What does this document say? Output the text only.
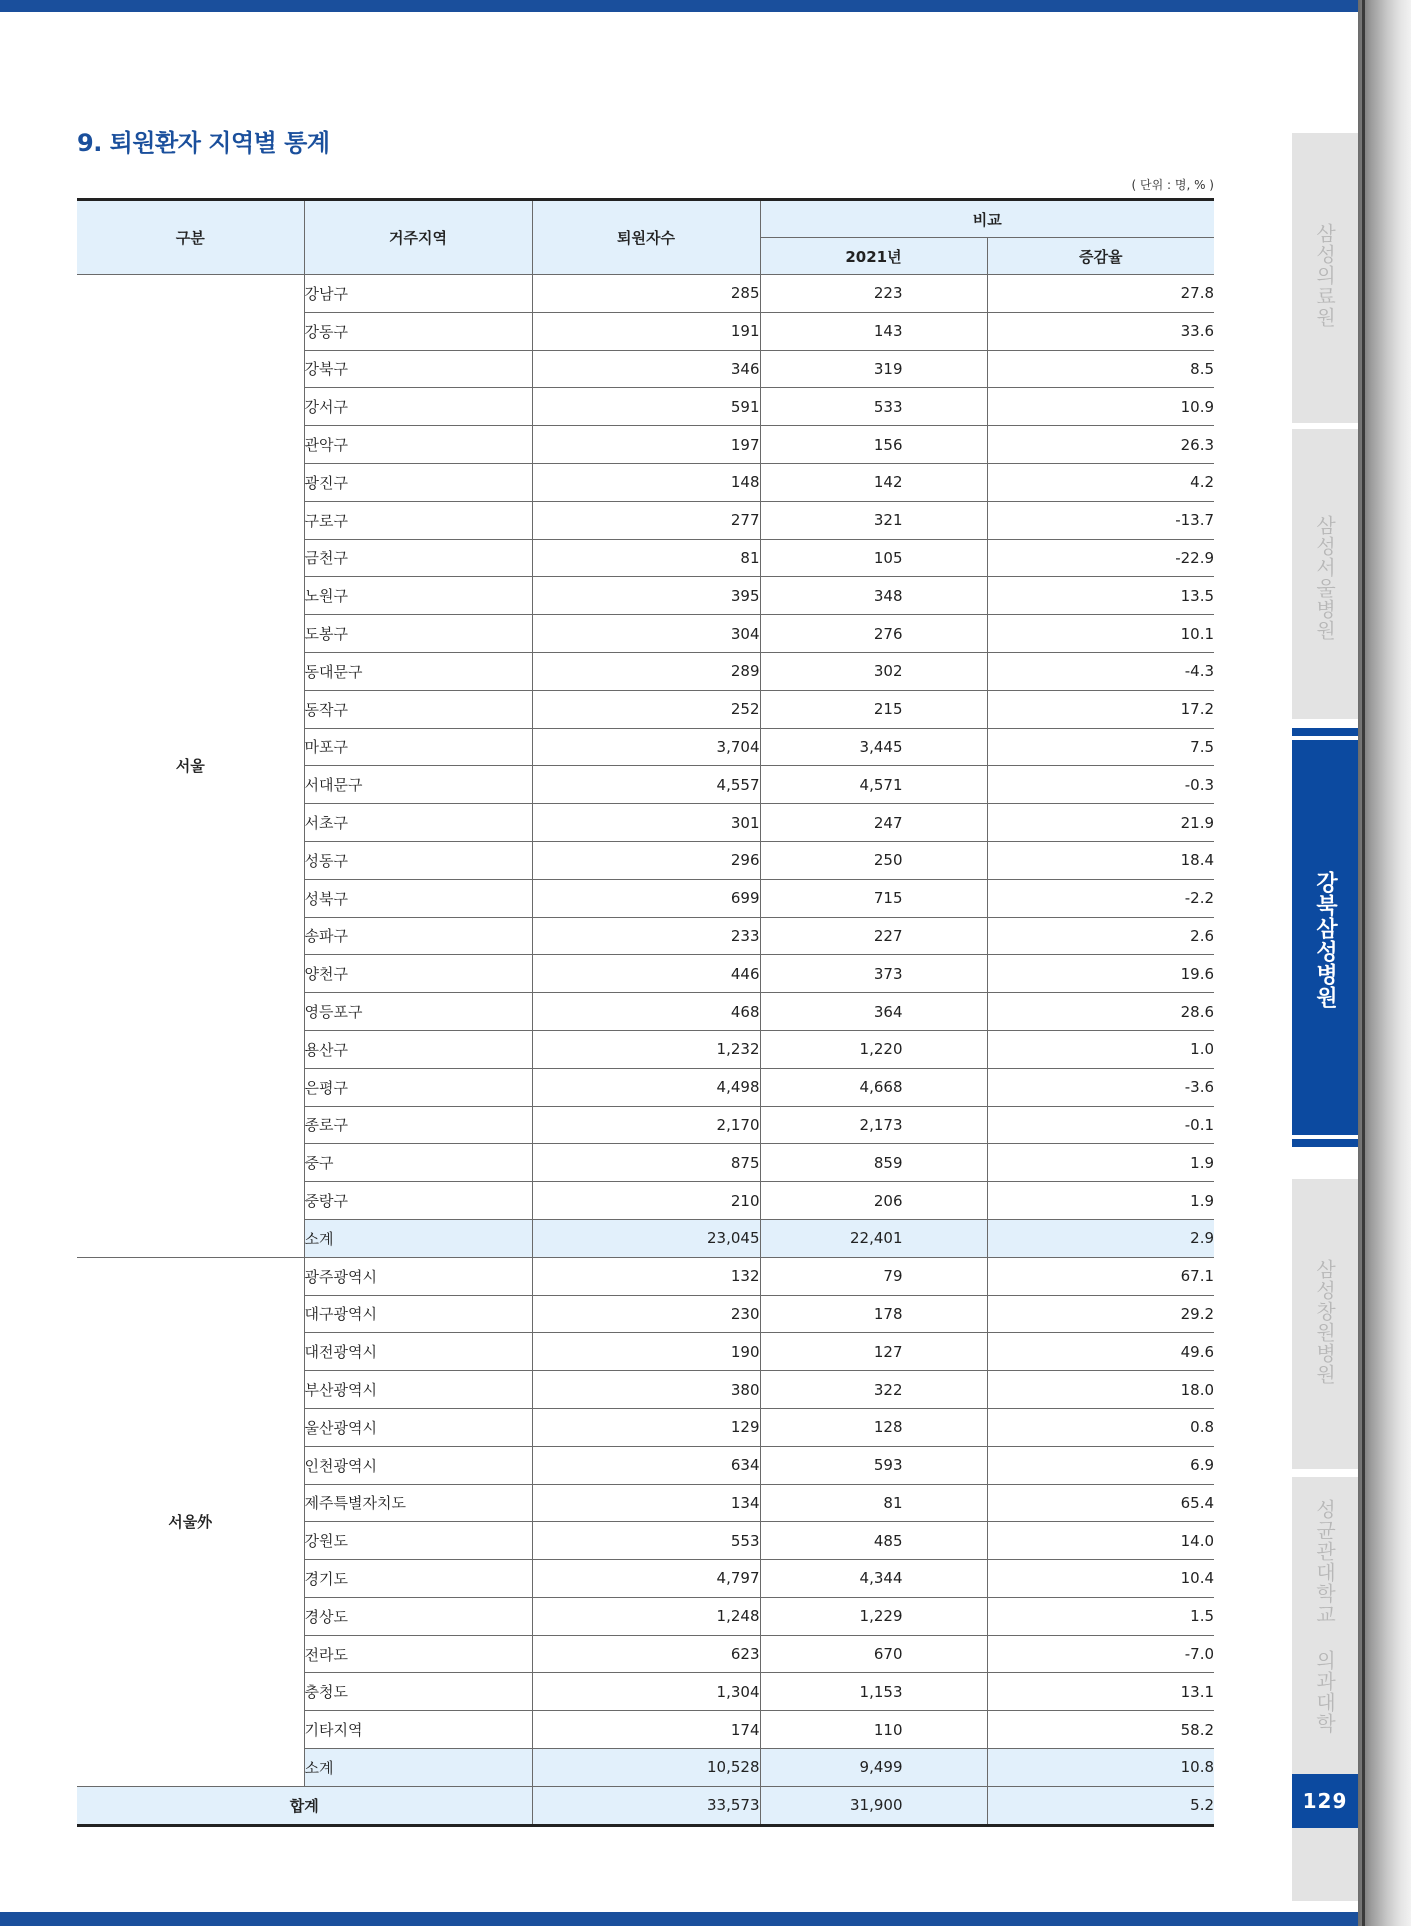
9. 퇴원환자 지역별 통계
( 단위 : 명, % )
구분	거주지역	퇴원자수	비교	
			2021년	증감율
서울	강남구	285	223	27.8
	강동구	191	143	33.6
	강북구	346	319	8.5
	강서구	591	533	10.9
	관악구	197	156	26.3
	광진구	148	142	4.2
	구로구	277	321	-13.7
	금천구	81	105	-22.9
	노원구	395	348	13.5
	도봉구	304	276	10.1
	동대문구	289	302	-4.3
	동작구	252	215	17.2
	마포구	3,704	3,445	7.5
	서대문구	4,557	4,571	-0.3
	서초구	301	247	21.9
	성동구	296	250	18.4
	성북구	699	715	-2.2
	송파구	233	227	2.6
	양천구	446	373	19.6
	영등포구	468	364	28.6
	용산구	1,232	1,220	1.0
	은평구	4,498	4,668	-3.6
	종로구	2,170	2,173	-0.1
	중구	875	859	1.9
	중랑구	210	206	1.9
	소계	23,045	22,401	2.9
서울外	광주광역시	132	79	67.1
	대구광역시	230	178	29.2
	대전광역시	190	127	49.6
	부산광역시	380	322	18.0
	울산광역시	129	128	0.8
	인천광역시	634	593	6.9
	제주특별자치도	134	81	65.4
	강원도	553	485	14.0
	경기도	4,797	4,344	10.4
	경상도	1,248	1,229	1.5
	전라도	623	670	-7.0
	충청도	1,304	1,153	13.1
	기타지역	174	110	58.2
	소계	10,528	9,499	10.8
합계		33,573	31,900	5.2
삼성의료원
삼성서울병원
강북삼성병원
삼성창원병원
성균관대학교 의과대학
129
